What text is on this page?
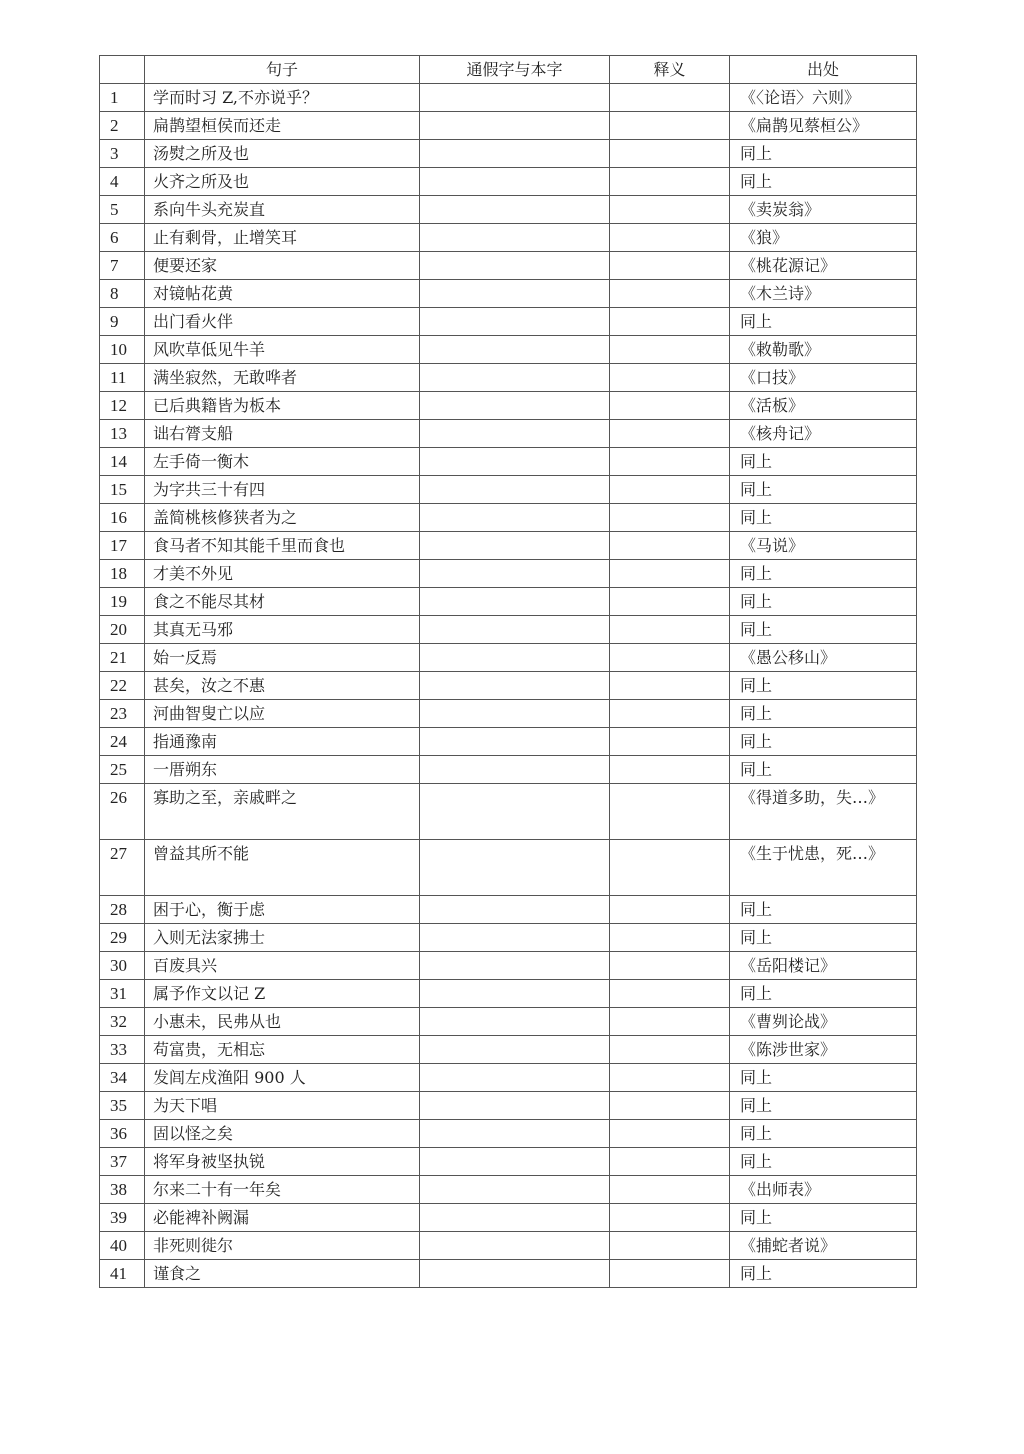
	句子	通假字与本字	释义	出处
1	学而时习 Z,不亦说乎？			《〈论语〉六则》
2	扁鹊望桓侯而还走			《扁鹊见蔡桓公》
3	汤熨之所及也			同上
4	火齐之所及也			同上
5	系向牛头充炭直			《卖炭翁》
6	止有剩骨，止增笑耳			《狼》
7	便要还家			《桃花源记》
8	对镜帖花黄			《木兰诗》
9	出门看火伴			同上
10	风吹草低见牛羊			《敕勒歌》
11	满坐寂然，无敢哗者			《口技》
12	已后典籍皆为板本			《活板》
13	诎右膂支船			《核舟记》
14	左手倚一衡木			同上
15	为字共三十有四			同上
16	盖简桃核修狭者为之			同上
17	食马者不知其能千里而食也			《马说》
18	才美不外见			同上
19	食之不能尽其材			同上
20	其真无马邪			同上
21	始一反焉			《愚公移山》
22	甚矣，汝之不惠			同上
23	河曲智叟亡以应			同上
24	指通豫南			同上
25	一厝朔东			同上
26	寡助之至，亲戚畔之			《得道多助，失…》
27	曾益其所不能			《生于忧患，死…》
28	困于心，衡于虑			同上
29	入则无法家拂士			同上
30	百废具兴			《岳阳楼记》
31	属予作文以记 Z			同上
32	小惠未，民弗从也			《曹刿论战》
33	苟富贵，无相忘			《陈涉世家》
34	发闾左戍渔阳 900 人			同上
35	为天下唱			同上
36	固以怪之矣			同上
37	将军身被坚执锐			同上
38	尔来二十有一年矣			《出师表》
39	必能裨补阙漏			同上
40	非死则徙尔			《捕蛇者说》
41	谨食之			同上
